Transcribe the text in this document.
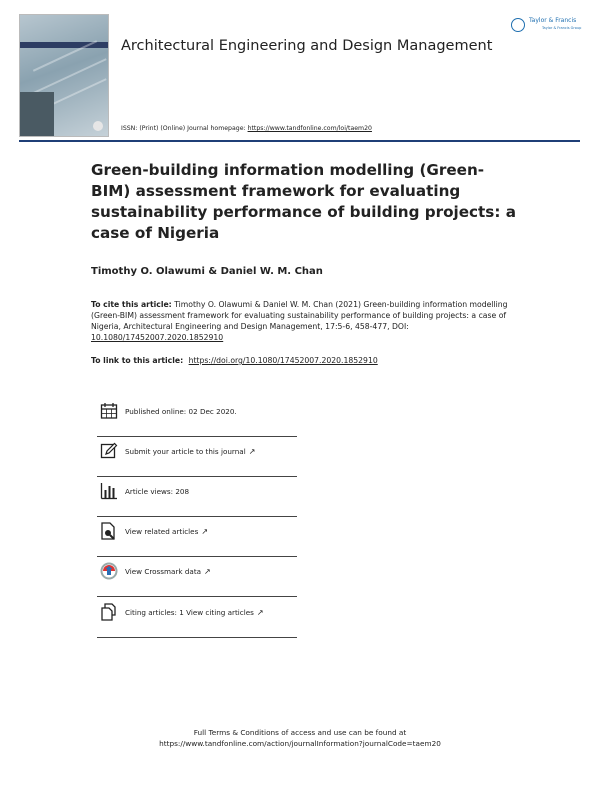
Architectural Engineering and Design Management
Taylor & Francis
Taylor & Francis Group
ISSN: (Print) (Online) Journal homepage: https://www.tandfonline.com/loi/taem20
Green-building information modelling (Green-BIM) assessment framework for evaluating sustainability performance of building projects: a case of Nigeria
Timothy O. Olawumi & Daniel W. M. Chan
To cite this article: Timothy O. Olawumi & Daniel W. M. Chan (2021) Green-building information modelling (Green-BIM) assessment framework for evaluating sustainability performance of building projects: a case of Nigeria, Architectural Engineering and Design Management, 17:5-6, 458-477, DOI: 10.1080/17452007.2020.1852910
To link to this article: https://doi.org/10.1080/17452007.2020.1852910
Published online: 02 Dec 2020.
Submit your article to this journal ↗
Article views: 208
View related articles ↗
View Crossmark data ↗
Citing articles: 1 View citing articles ↗
Full Terms & Conditions of access and use can be found at
https://www.tandfonline.com/action/journalInformation?journalCode=taem20
